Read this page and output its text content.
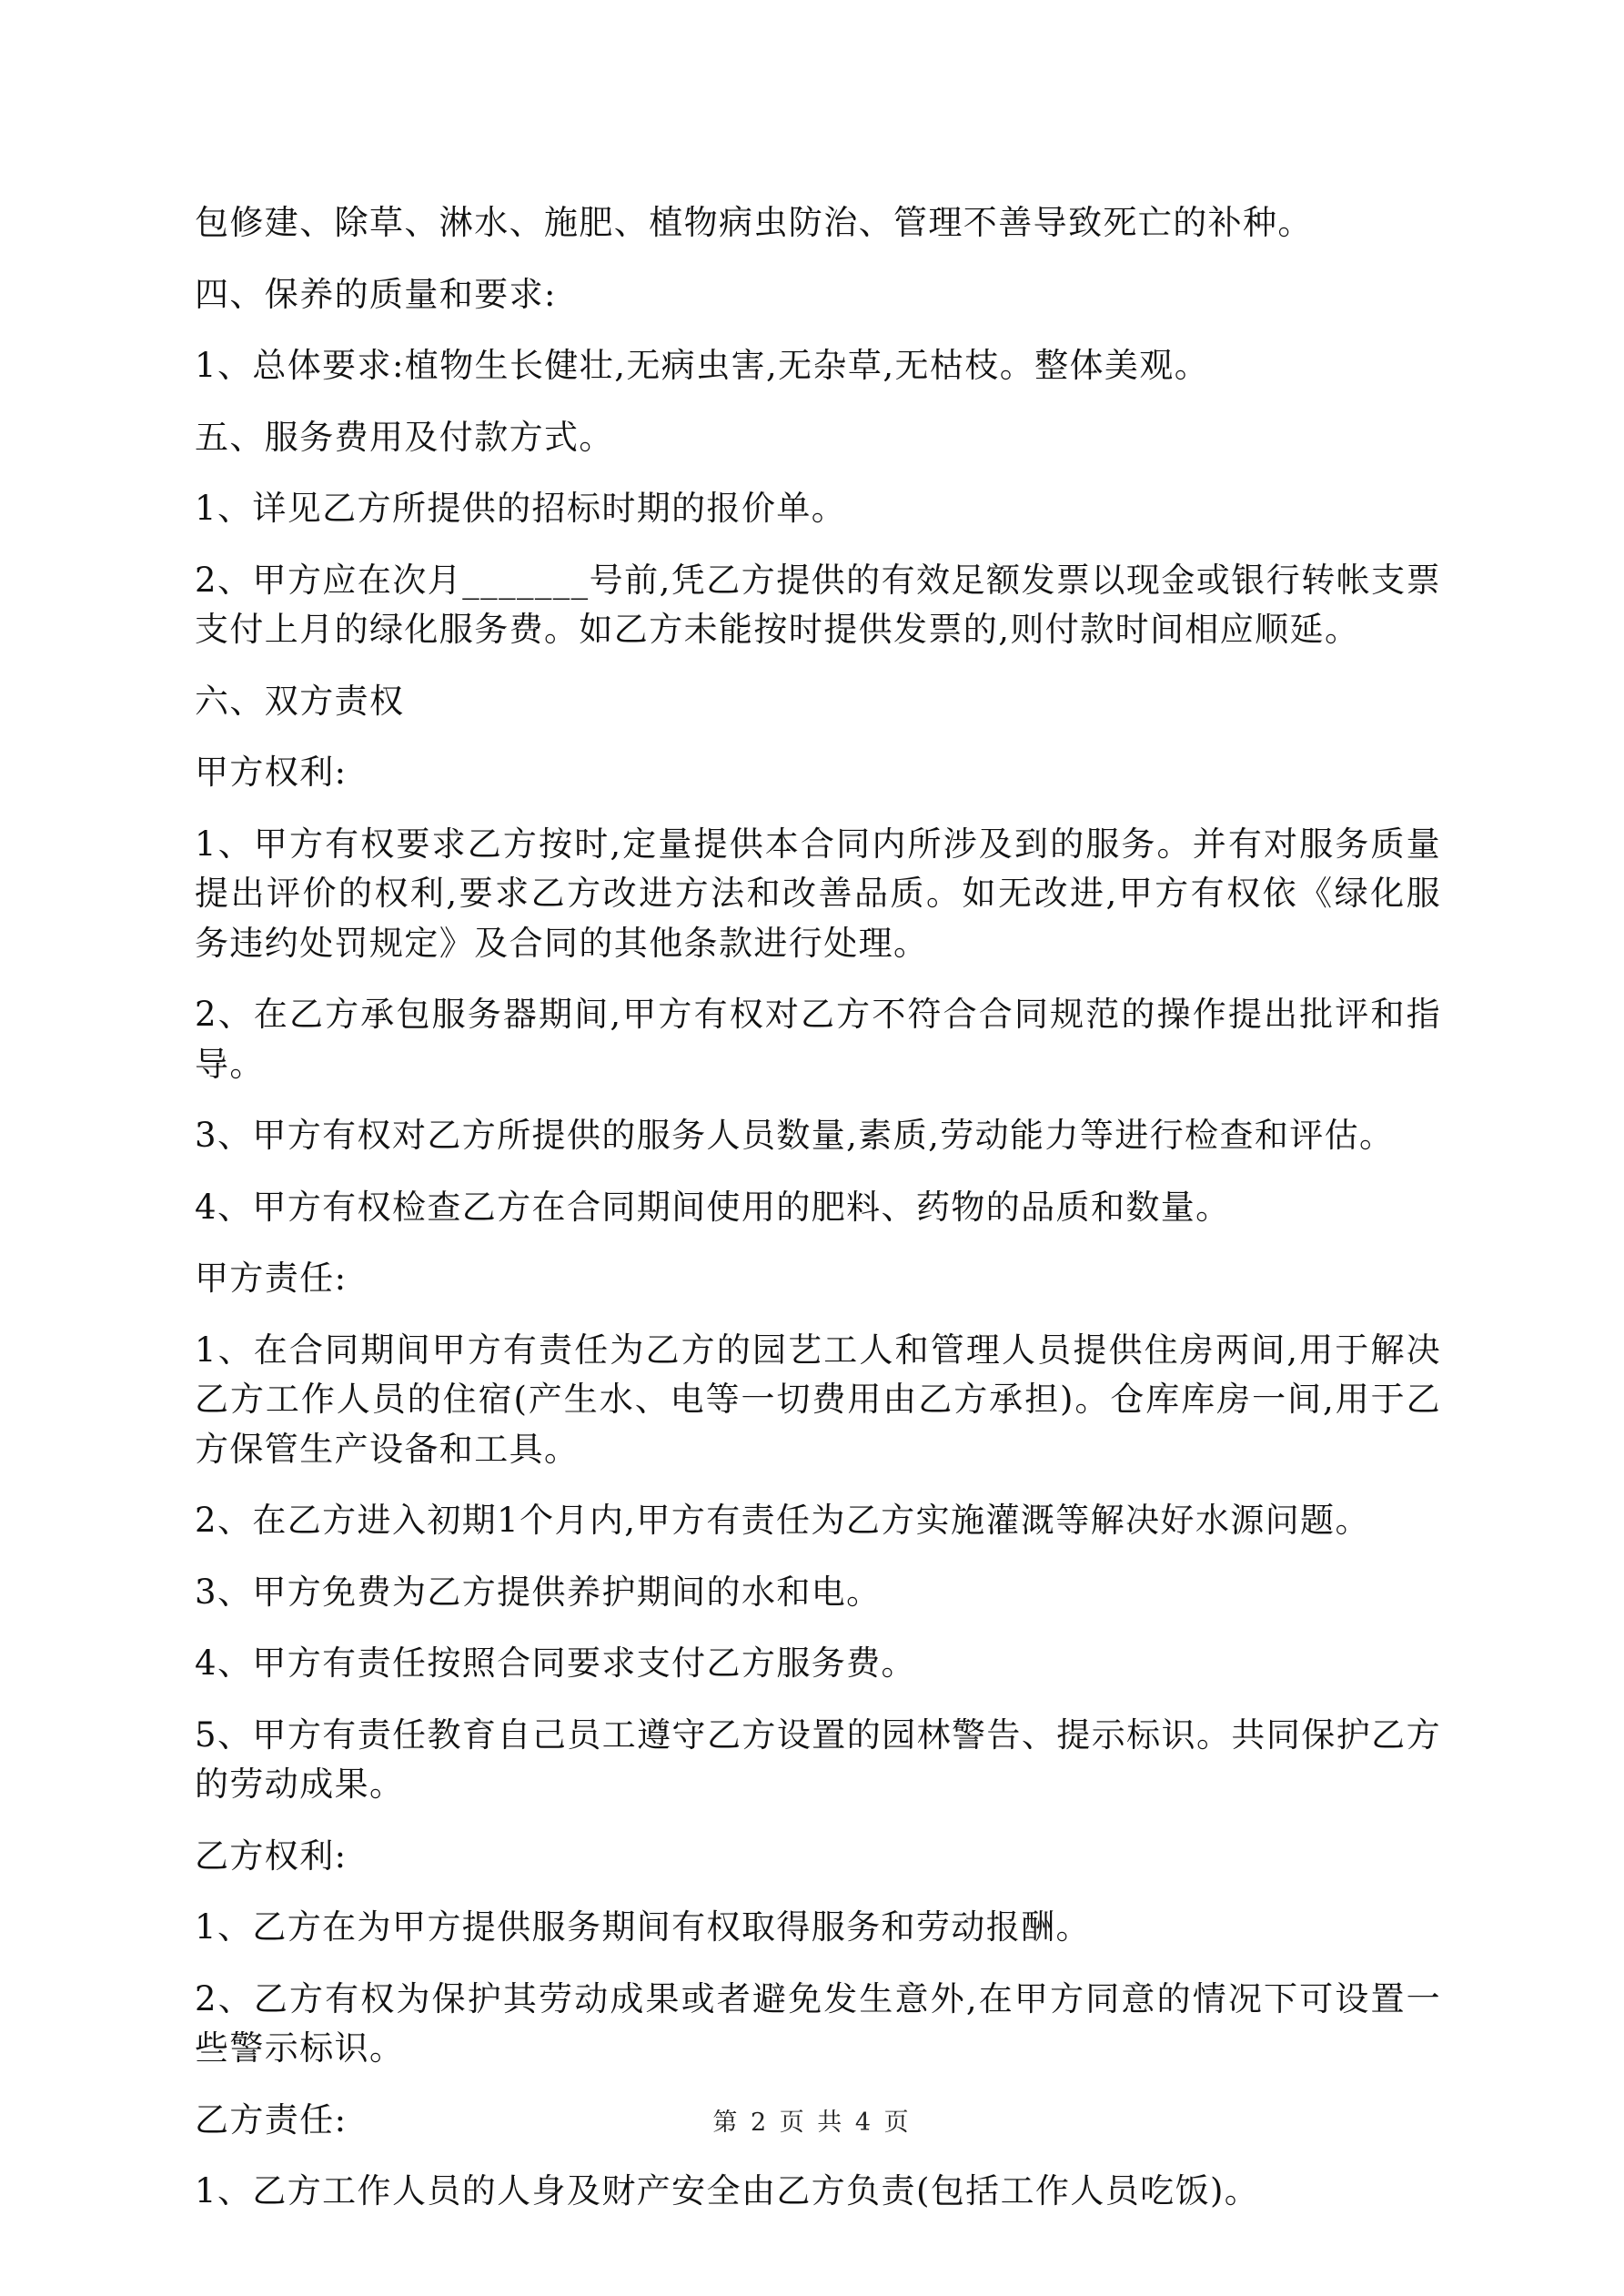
包修建、除草、淋水、施肥、植物病虫防治、管理不善导致死亡的补种。

四、保养的质量和要求:

1、总体要求:植物生长健壮,无病虫害,无杂草,无枯枝。整体美观。

五、服务费用及付款方式。

1、详见乙方所提供的招标时期的报价单。

2、甲方应在次月_______号前,凭乙方提供的有效足额发票以现金或银行转帐支票支付上月的绿化服务费。如乙方未能按时提供发票的,则付款时间相应顺延。

六、双方责权

甲方权利:

1、甲方有权要求乙方按时,定量提供本合同内所涉及到的服务。并有对服务质量提出评价的权利,要求乙方改进方法和改善品质。如无改进,甲方有权依《绿化服务违约处罚规定》及合同的其他条款进行处理。

2、在乙方承包服务器期间,甲方有权对乙方不符合合同规范的操作提出批评和指导。

3、甲方有权对乙方所提供的服务人员数量,素质,劳动能力等进行检查和评估。

4、甲方有权检查乙方在合同期间使用的肥料、药物的品质和数量。

甲方责任:

1、在合同期间甲方有责任为乙方的园艺工人和管理人员提供住房两间,用于解决乙方工作人员的住宿(产生水、电等一切费用由乙方承担)。仓库库房一间,用于乙方保管生产设备和工具。

2、在乙方进入初期1个月内,甲方有责任为乙方实施灌溉等解决好水源问题。

3、甲方免费为乙方提供养护期间的水和电。

4、甲方有责任按照合同要求支付乙方服务费。

5、甲方有责任教育自己员工遵守乙方设置的园林警告、提示标识。共同保护乙方的劳动成果。

乙方权利:

1、乙方在为甲方提供服务期间有权取得服务和劳动报酬。

2、乙方有权为保护其劳动成果或者避免发生意外,在甲方同意的情况下可设置一些警示标识。

乙方责任:

1、乙方工作人员的人身及财产安全由乙方负责(包括工作人员吃饭)。

第 2 页 共 4 页
